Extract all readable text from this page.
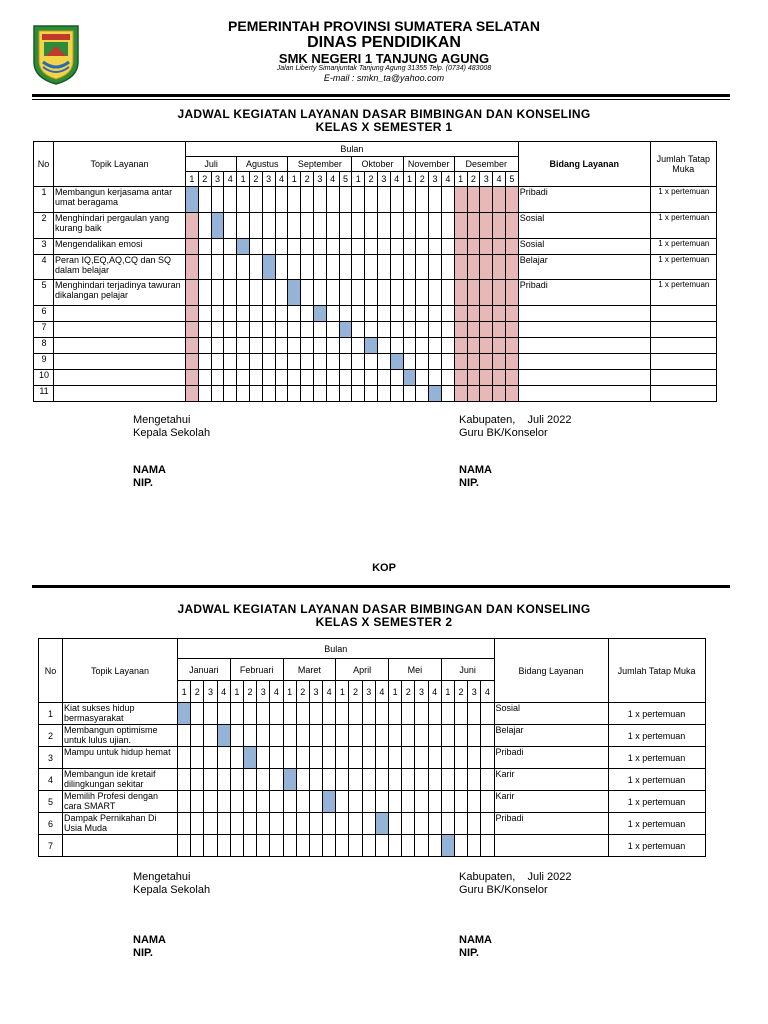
PEMERINTAH PROVINSI SUMATERA SELATAN
DINAS PENDIDIKAN
SMK NEGERI 1 TANJUNG AGUNG
Jalan Liberty Simanjuntak Tanjung Agung 31355 Telp. (0734) 483008
E-mail : smkn_ta@yahoo.com
JADWAL KEGIATAN LAYANAN DASAR BIMBINGAN DAN KONSELING
KELAS X SEMESTER 1
No	Topik Layanan	Bulan																										Bidang Layanan	Jumlah Tatap Muka
		Juli				Agustus				September					Oktober				November				Desember						
		1	2	3	4	1	2	3	4	1	2	3	4	5	1	2	3	4	1	2	3	4	1	2	3	4	5		
1	Membangun kerjasama antar umat beragama																											Pribadi	1 x pertemuan
2	Menghindari pergaulan yang kurang baik																											Sosial	1 x pertemuan
3	Mengendalikan emosi																											Sosial	1 x pertemuan
4	Peran IQ,EQ,AQ,CQ dan SQ dalam belajar																											Belajar	1 x pertemuan
5	Menghindari terjadinya tawuran dikalangan pelajar																											Pribadi	1 x pertemuan
6																													
7																													
8																													
9																													
10																													
11																													
Mengetahui
Kepala Sekolah
NAMA
NIP.
Kabupaten,    Juli 2022
Guru BK/Konselor
NAMA
NIP.
KOP
JADWAL KEGIATAN LAYANAN DASAR BIMBINGAN DAN KONSELING
KELAS X SEMESTER 2
No	Topik Layanan	Bulan																								Bidang Layanan	Jumlah Tatap Muka
		Januari				Februari				Maret				April				Mei				Juni					
		1	2	3	4	1	2	3	4	1	2	3	4	1	2	3	4	1	2	3	4	1	2	3	4		
1	Kiat sukses hidup bermasyarakat																									Sosial	1 x pertemuan
2	Membangun optimisme untuk lulus ujian.																									Belajar	1 x pertemuan
3	Mampu untuk hidup hemat																									Pribadi	1 x pertemuan
4	Membangun ide kretaif dilingkungan sekitar																									Karir	1 x pertemuan
5	Memilih Profesi dengan cara SMART																									Karir	1 x pertemuan
6	Dampak Pernikahan Di Usia Muda																									Pribadi	1 x pertemuan
7																											1 x pertemuan
Mengetahui
Kepala Sekolah
NAMA
NIP.
Kabupaten,    Juli 2022
Guru BK/Konselor
NAMA
NIP.
